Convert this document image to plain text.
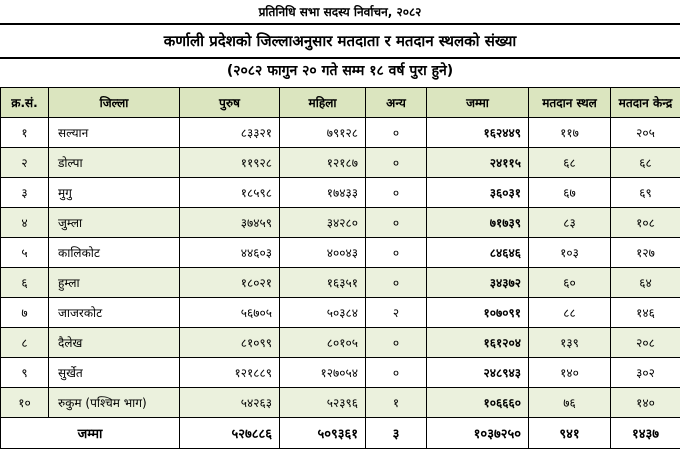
प्रतिनिधि सभा सदस्य निर्वाचन, २०८२
कर्णाली प्रदेशको जिल्लाअनुसार मतदाता र मतदान स्थलको संख्या
(२०८२ फागुन २० गते सम्म १८ वर्ष पुरा हुने)
क्र.सं.	जिल्ला	पुरुष	महिला	अन्य	जम्मा	मतदान स्थल	मतदान केन्द्र
१	सल्यान	८३३२१	७९१२८	०	१६२४४९	११७	२०५
२	डोल्पा	११९२८	१२१८७	०	२४११५	६८	६८
३	मुगु	१८५९८	१७४३३	०	३६०३१	६७	६९
४	जुम्ला	३७४५९	३४२८०	०	७१७३९	८३	१०८
५	कालिकोट	४४६०३	४००४३	०	८४६४६	१०३	१२७
६	हुम्ला	१८०२१	१६३५१	०	३४३७२	६०	६४
७	जाजरकोट	५६७०५	५०३८४	२	१०७०९१	८८	१४६
८	दैलेख	८१०९९	८०१०५	०	१६१२०४	१३९	२०८
९	सुर्खेत	१२१८८९	१२७०५४	०	२४८९४३	१४०	३०२
१०	रुकुम (पश्चिम भाग)	५४२६३	५२३९६	१	१०६६६०	७६	१४०
जम्मा		५२७८८६	५०९३६१	३	१०३७२५०	९४१	१४३७
